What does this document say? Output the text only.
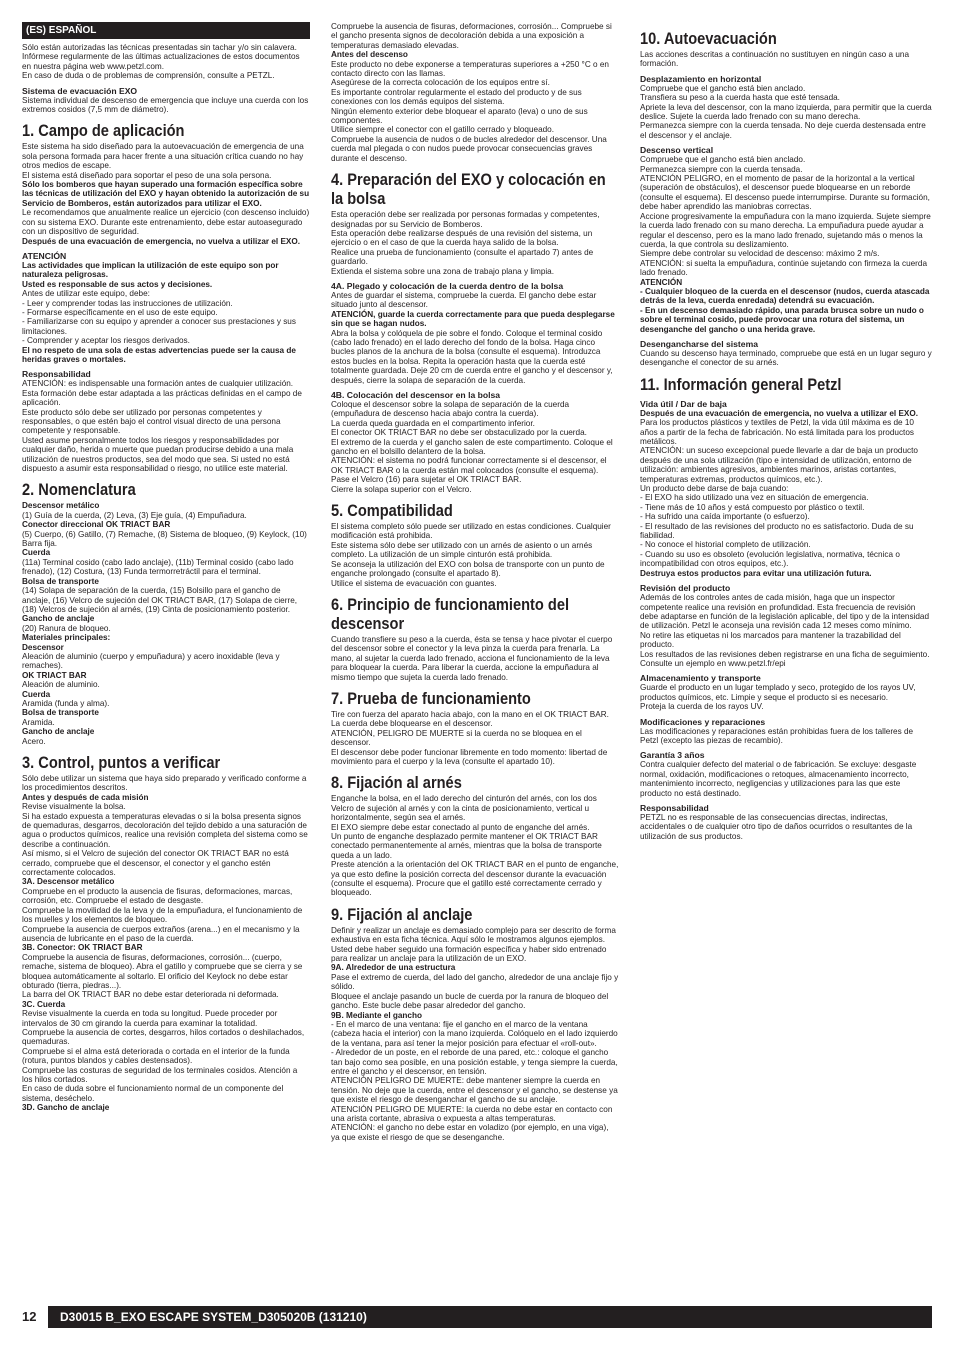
(ES) ESPAÑOL
Sólo están autorizadas las técnicas presentadas sin tachar y/o sin calavera.
Infórmese regularmente de las últimas actualizaciones de estos documentos en nuestra página web www.petzl.com.
En caso de duda o de problemas de comprensión, consulte a PETZL.
Sistema de evacuación EXO
Sistema individual de descenso de emergencia que incluye una cuerda con los extremos cosidos (7,5 mm de diámetro).
1. Campo de aplicación
Este sistema ha sido diseñado para la autoevacuación de emergencia de una sola persona formada para hacer frente a una situación crítica cuando no hay otros medios de escape.
El sistema está diseñado para soportar el peso de una sola persona.
Sólo los bomberos que hayan superado una formación específica sobre las técnicas de utilización del EXO y hayan obtenido la autorización de su Servicio de Bomberos, están autorizados para utilizar el EXO.
Le recomendamos que anualmente realice un ejercicio (con descenso incluido) con su sistema EXO. Durante este entrenamiento, debe estar autoasegurado con un dispositivo de seguridad.
Después de una evacuación de emergencia, no vuelva a utilizar el EXO.
ATENCIÓN
Las actividades que implican la utilización de este equipo son por naturaleza peligrosas.
Usted es responsable de sus actos y decisiones.
Antes de utilizar este equipo, debe:
- Leer y comprender todas las instrucciones de utilización.
- Formarse específicamente en el uso de este equipo.
- Familiarizarse con su equipo y aprender a conocer sus prestaciones y sus limitaciones.
- Comprender y aceptar los riesgos derivados.
El no respeto de una sola de estas advertencias puede ser la causa de heridas graves o mortales.
Responsabilidad
ATENCIÓN: es indispensable una formación antes de cualquier utilización.
Esta formación debe estar adaptada a las prácticas definidas en el campo de aplicación.
Este producto sólo debe ser utilizado por personas competentes y responsables, o que estén bajo el control visual directo de una persona competente y responsable.
Usted asume personalmente todos los riesgos y responsabilidades por cualquier daño, herida o muerte que puedan producirse debido a una mala utilización de nuestros productos, sea del modo que sea. Si usted no está dispuesto a asumir esta responsabilidad o riesgo, no utilice este material.
2. Nomenclatura
Descensor metálico
(1) Guía de la cuerda, (2) Leva, (3) Eje guía, (4) Empuñadura.
Conector direccional OK TRIACT BAR
(5) Cuerpo, (6) Gatillo, (7) Remache, (8) Sistema de bloqueo, (9) Keylock, (10) Barra fija.
Cuerda
(11a) Terminal cosido (cabo lado anclaje), (11b) Terminal cosido (cabo lado frenado), (12) Costura, (13) Funda termorretráctil para el terminal.
Bolsa de transporte
(14) Solapa de separación de la cuerda, (15) Bolsillo para el gancho de anclaje, (16) Velcro de sujeción del OK TRIACT BAR, (17) Solapa de cierre, (18) Velcros de sujeción al arnés, (19) Cinta de posicionamiento posterior.
Gancho de anclaje
(20) Ranura de bloqueo.
Materiales principales:
Descensor
Aleación de aluminio (cuerpo y empuñadura) y acero inoxidable (leva y remaches).
OK TRIACT BAR
Aleación de aluminio.
Cuerda
Aramida (funda y alma).
Bolsa de transporte
Aramida.
Gancho de anclaje
Acero.
3. Control, puntos a verificar
Sólo debe utilizar un sistema que haya sido preparado y verificado conforme a los procedimientos descritos.
Antes y después de cada misión
Revise visualmente la bolsa.
Si ha estado expuesta a temperaturas elevadas o si la bolsa presenta signos de quemaduras, desgarros, decoloración del tejido debido a una saturación de agua o productos químicos, realice una revisión completa del sistema como se describe a continuación.
Así mismo, si el Velcro de sujeción del conector OK TRIACT BAR no está cerrado, compruebe que el descensor, el conector y el gancho estén correctamente colocados.
3A. Descensor metálico
Compruebe en el producto la ausencia de fisuras, deformaciones, marcas, corrosión, etc. Compruebe el estado de desgaste.
Compruebe la movilidad de la leva y de la empuñadura, el funcionamiento de los muelles y los elementos de bloqueo.
Compruebe la ausencia de cuerpos extraños (arena...) en el mecanismo y la ausencia de lubricante en el paso de la cuerda.
3B. Conector: OK TRIACT BAR
Compruebe la ausencia de fisuras, deformaciones, corrosión... (cuerpo, remache, sistema de bloqueo). Abra el gatillo y compruebe que se cierra y se bloquea automáticamente al soltarlo. El orificio del Keylock no debe estar obturado (tierra, piedras...).
La barra del OK TRIACT BAR no debe estar deteriorada ni deformada.
3C. Cuerda
Revise visualmente la cuerda en toda su longitud. Puede proceder por intervalos de 30 cm girando la cuerda para examinar la totalidad.
Compruebe la ausencia de cortes, desgarros, hilos cortados o deshilachados, quemaduras.
Compruebe si el alma está deteriorada o cortada en el interior de la funda (rotura, puntos blandos y cables destensados).
Compruebe las costuras de seguridad de los terminales cosidos. Atención a los hilos cortados.
En caso de duda sobre el funcionamiento normal de un componente del sistema, deséchelo.
3D. Gancho de anclaje
Compruebe la ausencia de fisuras, deformaciones, corrosión... Compruebe si el gancho presenta signos de decoloración debida a una exposición a temperaturas demasiado elevadas.
Antes del descenso
Este producto no debe exponerse a temperaturas superiores a +250 °C o en contacto directo con las llamas.
Asegúrese de la correcta colocación de los equipos entre sí.
Es importante controlar regularmente el estado del producto y de sus conexiones con los demás equipos del sistema.
Ningún elemento exterior debe bloquear el aparato (leva) o uno de sus componentes.
Utilice siempre el conector con el gatillo cerrado y bloqueado.
Compruebe la ausencia de nudos o de bucles alrededor del descensor. Una cuerda mal plegada o con nudos puede provocar consecuencias graves durante el descenso.
4. Preparación del EXO y colocación en la bolsa
Esta operación debe ser realizada por personas formadas y competentes, designadas por su Servicio de Bomberos.
Esta operación debe realizarse después de una revisión del sistema, un ejercicio o en el caso de que la cuerda haya salido de la bolsa.
Realice una prueba de funcionamiento (consulte el apartado 7) antes de guardarlo.
Extienda el sistema sobre una zona de trabajo plana y limpia.
4A. Plegado y colocación de la cuerda dentro de la bolsa
Antes de guardar el sistema, compruebe la cuerda. El gancho debe estar situado junto al descensor.
ATENCIÓN, guarde la cuerda correctamente para que pueda desplegarse sin que se hagan nudos.
Abra la bolsa y colóquela de pie sobre el fondo. Coloque el terminal cosido (cabo lado frenado) en el lado derecho del fondo de la bolsa. Haga cinco bucles planos de la anchura de la bolsa (consulte el esquema). Introduzca estos bucles en la bolsa. Repita la operación hasta que la cuerda esté totalmente guardada. Deje 20 cm de cuerda entre el gancho y el descensor y, después, cierre la solapa de separación de la cuerda.
4B. Colocación del descensor en la bolsa
Coloque el descensor sobre la solapa de separación de la cuerda (empuñadura de descenso hacia abajo contra la cuerda).
La cuerda queda guardada en el compartimento inferior.
El conector OK TRIACT BAR no debe ser obstaculizado por la cuerda.
El extremo de la cuerda y el gancho salen de este compartimento. Coloque el gancho en el bolsillo delantero de la bolsa.
ATENCIÓN: el sistema no podrá funcionar correctamente si el descensor, el OK TRIACT BAR o la cuerda están mal colocados (consulte el esquema).
Pase el Velcro (16) para sujetar el OK TRIACT BAR.
Cierre la solapa superior con el Velcro.
5. Compatibilidad
El sistema completo sólo puede ser utilizado en estas condiciones. Cualquier modificación está prohibida.
Este sistema sólo debe ser utilizado con un arnés de asiento o un arnés completo. La utilización de un simple cinturón está prohibida.
Se aconseja la utilización del EXO con bolsa de transporte con un punto de enganche prolongado (consulte el apartado 8).
Utilice el sistema de evacuación con guantes.
6. Principio de funcionamiento del descensor
Cuando transfiere su peso a la cuerda, ésta se tensa y hace pivotar el cuerpo del descensor sobre el conector y la leva pinza la cuerda para frenarla. La mano, al sujetar la cuerda lado frenado, acciona el funcionamiento de la leva para bloquear la cuerda. Para liberar la cuerda, accione la empuñadura al mismo tiempo que sujeta la cuerda lado frenado.
7. Prueba de funcionamiento
Tire con fuerza del aparato hacia abajo, con la mano en el OK TRIACT BAR. La cuerda debe bloquearse en el descensor.
ATENCIÓN, PELIGRO DE MUERTE si la cuerda no se bloquea en el descensor.
El descensor debe poder funcionar libremente en todo momento: libertad de movimiento para el cuerpo y la leva (consulte el apartado 10).
8. Fijación al arnés
Enganche la bolsa, en el lado derecho del cinturón del arnés, con los dos Velcro de sujeción al arnés y con la cinta de posicionamiento, vertical u horizontalmente, según sea el arnés.
El EXO siempre debe estar conectado al punto de enganche del arnés.
Un punto de enganche desplazado permite mantener el OK TRIACT BAR conectado permanentemente al arnés, mientras que la bolsa de transporte queda a un lado.
Preste atención a la orientación del OK TRIACT BAR en el punto de enganche, ya que esto define la posición correcta del descensor durante la evacuación (consulte el esquema). Procure que el gatillo esté correctamente cerrado y bloqueado.
9. Fijación al anclaje
Definir y realizar un anclaje es demasiado complejo para ser descrito de forma exhaustiva en esta ficha técnica. Aquí sólo le mostramos algunos ejemplos.
Usted debe haber seguido una formación específica y haber sido entrenado para realizar un anclaje para la utilización de un EXO.
9A. Alrededor de una estructura
Pase el extremo de cuerda, del lado del gancho, alrededor de una anclaje fijo y sólido.
Bloquee el anclaje pasando un bucle de cuerda por la ranura de bloqueo del gancho. Este bucle debe pasar alrededor del gancho.
9B. Mediante el gancho
- En el marco de una ventana: fije el gancho en el marco de la ventana (cabeza hacia el interior) con la mano izquierda. Colóquelo en el lado izquierdo de la ventana, para así tener la mejor posición para efectuar el «roll-out».
- Alrededor de un poste, en el reborde de una pared, etc.: coloque el gancho tan bajo como sea posible, en una posición estable, y tenga siempre la cuerda, entre el gancho y el descensor, en tensión.
ATENCIÓN PELIGRO DE MUERTE: debe mantener siempre la cuerda en tensión. No deje que la cuerda, entre el descensor y el gancho, se destense ya que existe el riesgo de desenganchar el gancho de su anclaje.
ATENCIÓN PELIGRO DE MUERTE: la cuerda no debe estar en contacto con una arista cortante, abrasiva o expuesta a altas temperaturas.
ATENCIÓN: el gancho no debe estar en voladizo (por ejemplo, en una viga), ya que existe el riesgo de que se desenganche.
10. Autoevacuación
Las acciones descritas a continuación no sustituyen en ningún caso a una formación.
Desplazamiento en horizontal
Compruebe que el gancho está bien anclado.
Transfiera su peso a la cuerda hasta que esté tensada.
Apriete la leva del descensor, con la mano izquierda, para permitir que la cuerda deslice. Sujete la cuerda lado frenado con su mano derecha.
Permanezca siempre con la cuerda tensada. No deje cuerda destensada entre el descensor y el anclaje.
Descenso vertical
Compruebe que el gancho está bien anclado.
Permanezca siempre con la cuerda tensada.
ATENCIÓN PELIGRO, en el momento de pasar de la horizontal a la vertical (superación de obstáculos), el descensor puede bloquearse en un reborde (consulte el esquema). El descenso puede interrumpirse. Durante su formación, debe haber aprendido las maniobras correctas.
Accione progresivamente la empuñadura con la mano izquierda. Sujete siempre la cuerda lado frenado con su mano derecha. La empuñadura puede ayudar a regular el descenso, pero es la mano lado frenado, sujetando más o menos la cuerda, la que controla su deslizamiento.
Siempre debe controlar su velocidad de descenso: máximo 2 m/s.
ATENCIÓN: si suelta la empuñadura, continúe sujetando con firmeza la cuerda lado frenado.
ATENCIÓN
- Cualquier bloqueo de la cuerda en el descensor (nudos, cuerda atascada detrás de la leva, cuerda enredada) detendrá su evacuación.
- En un descenso demasiado rápido, una parada brusca sobre un nudo o sobre el terminal cosido, puede provocar una rotura del sistema, un desenganche del gancho o una herida grave.
Desengancharse del sistema
Cuando su descenso haya terminado, compruebe que está en un lugar seguro y desenganche el conector de su arnés.
11. Información general Petzl
Vida útil / Dar de baja
Después de una evacuación de emergencia, no vuelva a utilizar el EXO.
Para los productos plásticos y textiles de Petzl, la vida útil máxima es de 10 años a partir de la fecha de fabricación. No está limitada para los productos metálicos.
ATENCIÓN: un suceso excepcional puede llevarle a dar de baja un producto después de una sola utilización (tipo e intensidad de utilización, entorno de utilización: ambientes agresivos, ambientes marinos, aristas cortantes, temperaturas extremas, productos químicos, etc.).
Un producto debe darse de baja cuando:
- El EXO ha sido utilizado una vez en situación de emergencia.
- Tiene más de 10 años y está compuesto por plástico o textil.
- Ha sufrido una caída importante (o esfuerzo).
- El resultado de las revisiones del producto no es satisfactorio. Duda de su fiabilidad.
- No conoce el historial completo de utilización.
- Cuando su uso es obsoleto (evolución legislativa, normativa, técnica o incompatibilidad con otros equipos, etc.).
Destruya estos productos para evitar una utilización futura.
Revisión del producto
Además de los controles antes de cada misión, haga que un inspector competente realice una revisión en profundidad. Esta frecuencia de revisión debe adaptarse en función de la legislación aplicable, del tipo y de la intensidad de utilización. Petzl le aconseja una revisión cada 12 meses como mínimo.
No retire las etiquetas ni los marcados para mantener la trazabilidad del producto.
Los resultados de las revisiones deben registrarse en una ficha de seguimiento. Consulte un ejemplo en www.petzl.fr/epi
Almacenamiento y transporte
Guarde el producto en un lugar templado y seco, protegido de los rayos UV, productos químicos, etc. Limpie y seque el producto si es necesario.
Proteja la cuerda de los rayos UV.
Modificaciones y reparaciones
Las modificaciones y reparaciones están prohibidas fuera de los talleres de Petzl (excepto las piezas de recambio).
Garantía 3 años
Contra cualquier defecto del material o de fabricación. Se excluye: desgaste normal, oxidación, modificaciones o retoques, almacenamiento incorrecto, mantenimiento incorrecto, negligencias y utilizaciones para las que este producto no está destinado.
Responsabilidad
PETZL no es responsable de las consecuencias directas, indirectas, accidentales o de cualquier otro tipo de daños ocurridos o resultantes de la utilización de sus productos.
12	D30015 B_EXO ESCAPE SYSTEM_D305020B (131210)
